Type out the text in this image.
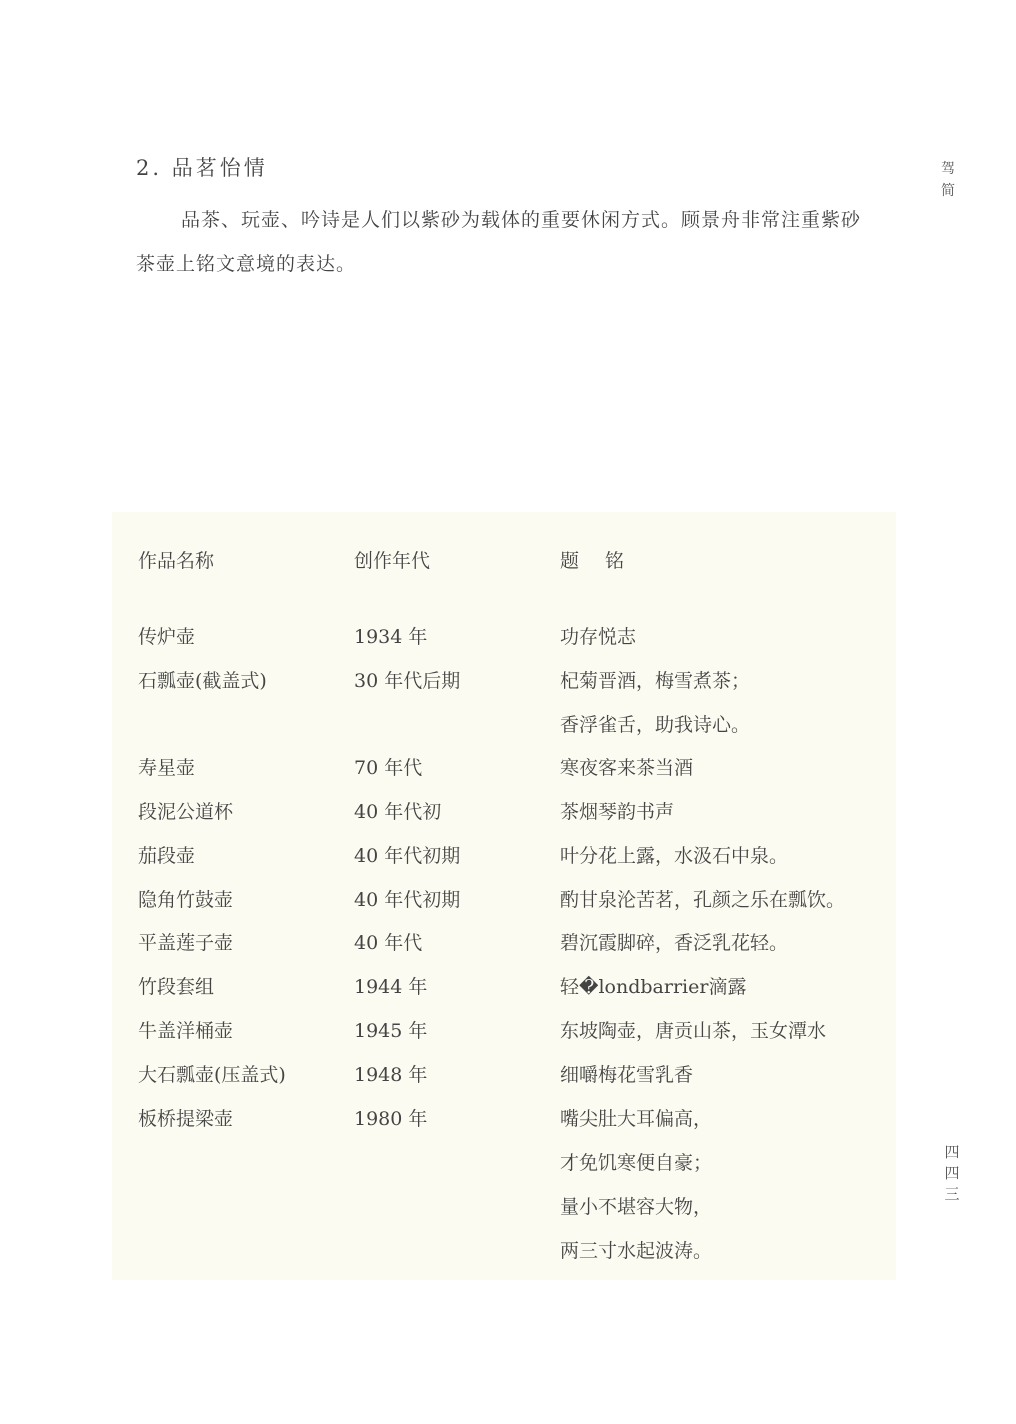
2. 品茗怡情
品茶、玩壶、吟诗是人们以紫砂为载体的重要休闲方式。顾景舟非常注重紫砂茶壶上铭文意境的表达。
驾
简
四
四
三
作品名称	创作年代	题 铭
传炉壶	1934 年	功存悦志
石瓢壶(截盖式)	30 年代后期	杞菊晋酒，梅雪煮茶；
香浮雀舌，助我诗心。
寿星壶	70 年代	寒夜客来茶当酒
段泥公道杯	40 年代初	茶烟琴韵书声
茄段壶	40 年代初期	叶分花上露，水汲石中泉。
隐角竹鼓壶	40 年代初期	酌甘泉沦苦茗，孔颜之乐在瓢饮。
平盖莲子壶	40 年代	碧沉霞脚碎，香泛乳花轻。
竹段套组	1944 年	轻�londbarrier滴露
牛盖洋桶壶	1945 年	东坡陶壶，唐贡山茶，玉女潭水
大石瓢壶(压盖式)	1948 年	细嚼梅花雪乳香
板桥提梁壶	1980 年	嘴尖肚大耳偏高，
才免饥寒便自豪；
量小不堪容大物，
两三寸水起波涛。
